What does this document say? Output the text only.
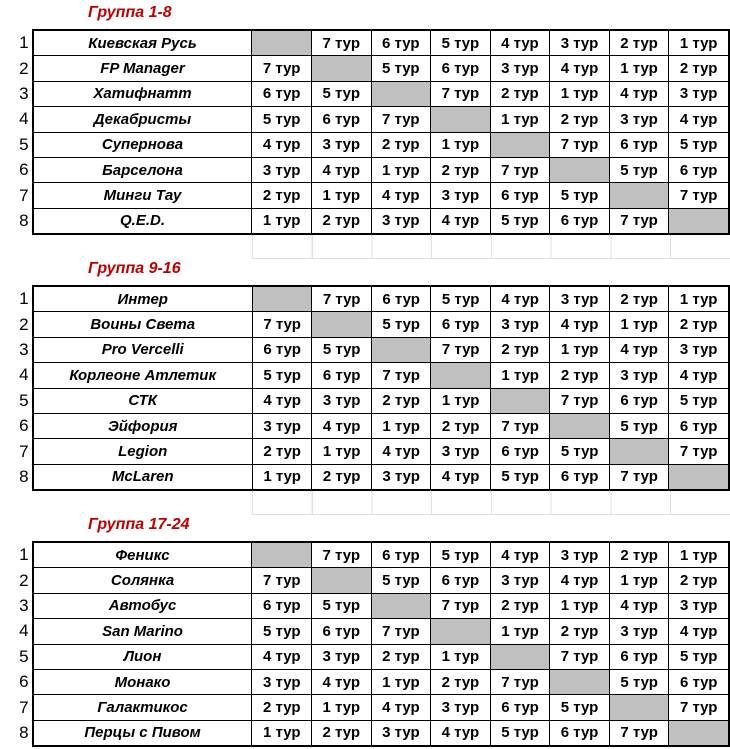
Группа 1-8
1	Киевская Русь		7 тур	6 тур	5 тур	4 тур	3 тур	2 тур	1 тур
2	FP Manager	7 тур		5 тур	6 тур	3 тур	4 тур	1 тур	2 тур
3	Хатифнатт	6 тур	5 тур		7 тур	2 тур	1 тур	4 тур	3 тур
4	Декабристы	5 тур	6 тур	7 тур		1 тур	2 тур	3 тур	4 тур
5	Супернова	4 тур	3 тур	2 тур	1 тур		7 тур	6 тур	5 тур
6	Барселона	3 тур	4 тур	1 тур	2 тур	7 тур		5 тур	6 тур
7	Минги Тау	2 тур	1 тур	4 тур	3 тур	6 тур	5 тур		7 тур
8	Q.E.D.	1 тур	2 тур	3 тур	4 тур	5 тур	6 тур	7 тур	
Группа 9-16
1	Интер		7 тур	6 тур	5 тур	4 тур	3 тур	2 тур	1 тур
2	Воины Света	7 тур		5 тур	6 тур	3 тур	4 тур	1 тур	2 тур
3	Pro Vercelli	6 тур	5 тур		7 тур	2 тур	1 тур	4 тур	3 тур
4	Корлеоне Атлетик	5 тур	6 тур	7 тур		1 тур	2 тур	3 тур	4 тур
5	СТК	4 тур	3 тур	2 тур	1 тур		7 тур	6 тур	5 тур
6	Эйфория	3 тур	4 тур	1 тур	2 тур	7 тур		5 тур	6 тур
7	Legion	2 тур	1 тур	4 тур	3 тур	6 тур	5 тур		7 тур
8	McLaren	1 тур	2 тур	3 тур	4 тур	5 тур	6 тур	7 тур	
Группа 17-24
1	Феникс		7 тур	6 тур	5 тур	4 тур	3 тур	2 тур	1 тур
2	Солянка	7 тур		5 тур	6 тур	3 тур	4 тур	1 тур	2 тур
3	Автобус	6 тур	5 тур		7 тур	2 тур	1 тур	4 тур	3 тур
4	San Marino	5 тур	6 тур	7 тур		1 тур	2 тур	3 тур	4 тур
5	Лион	4 тур	3 тур	2 тур	1 тур		7 тур	6 тур	5 тур
6	Монако	3 тур	4 тур	1 тур	2 тур	7 тур		5 тур	6 тур
7	Галактикос	2 тур	1 тур	4 тур	3 тур	6 тур	5 тур		7 тур
8	Перцы с Пивом	1 тур	2 тур	3 тур	4 тур	5 тур	6 тур	7 тур	
